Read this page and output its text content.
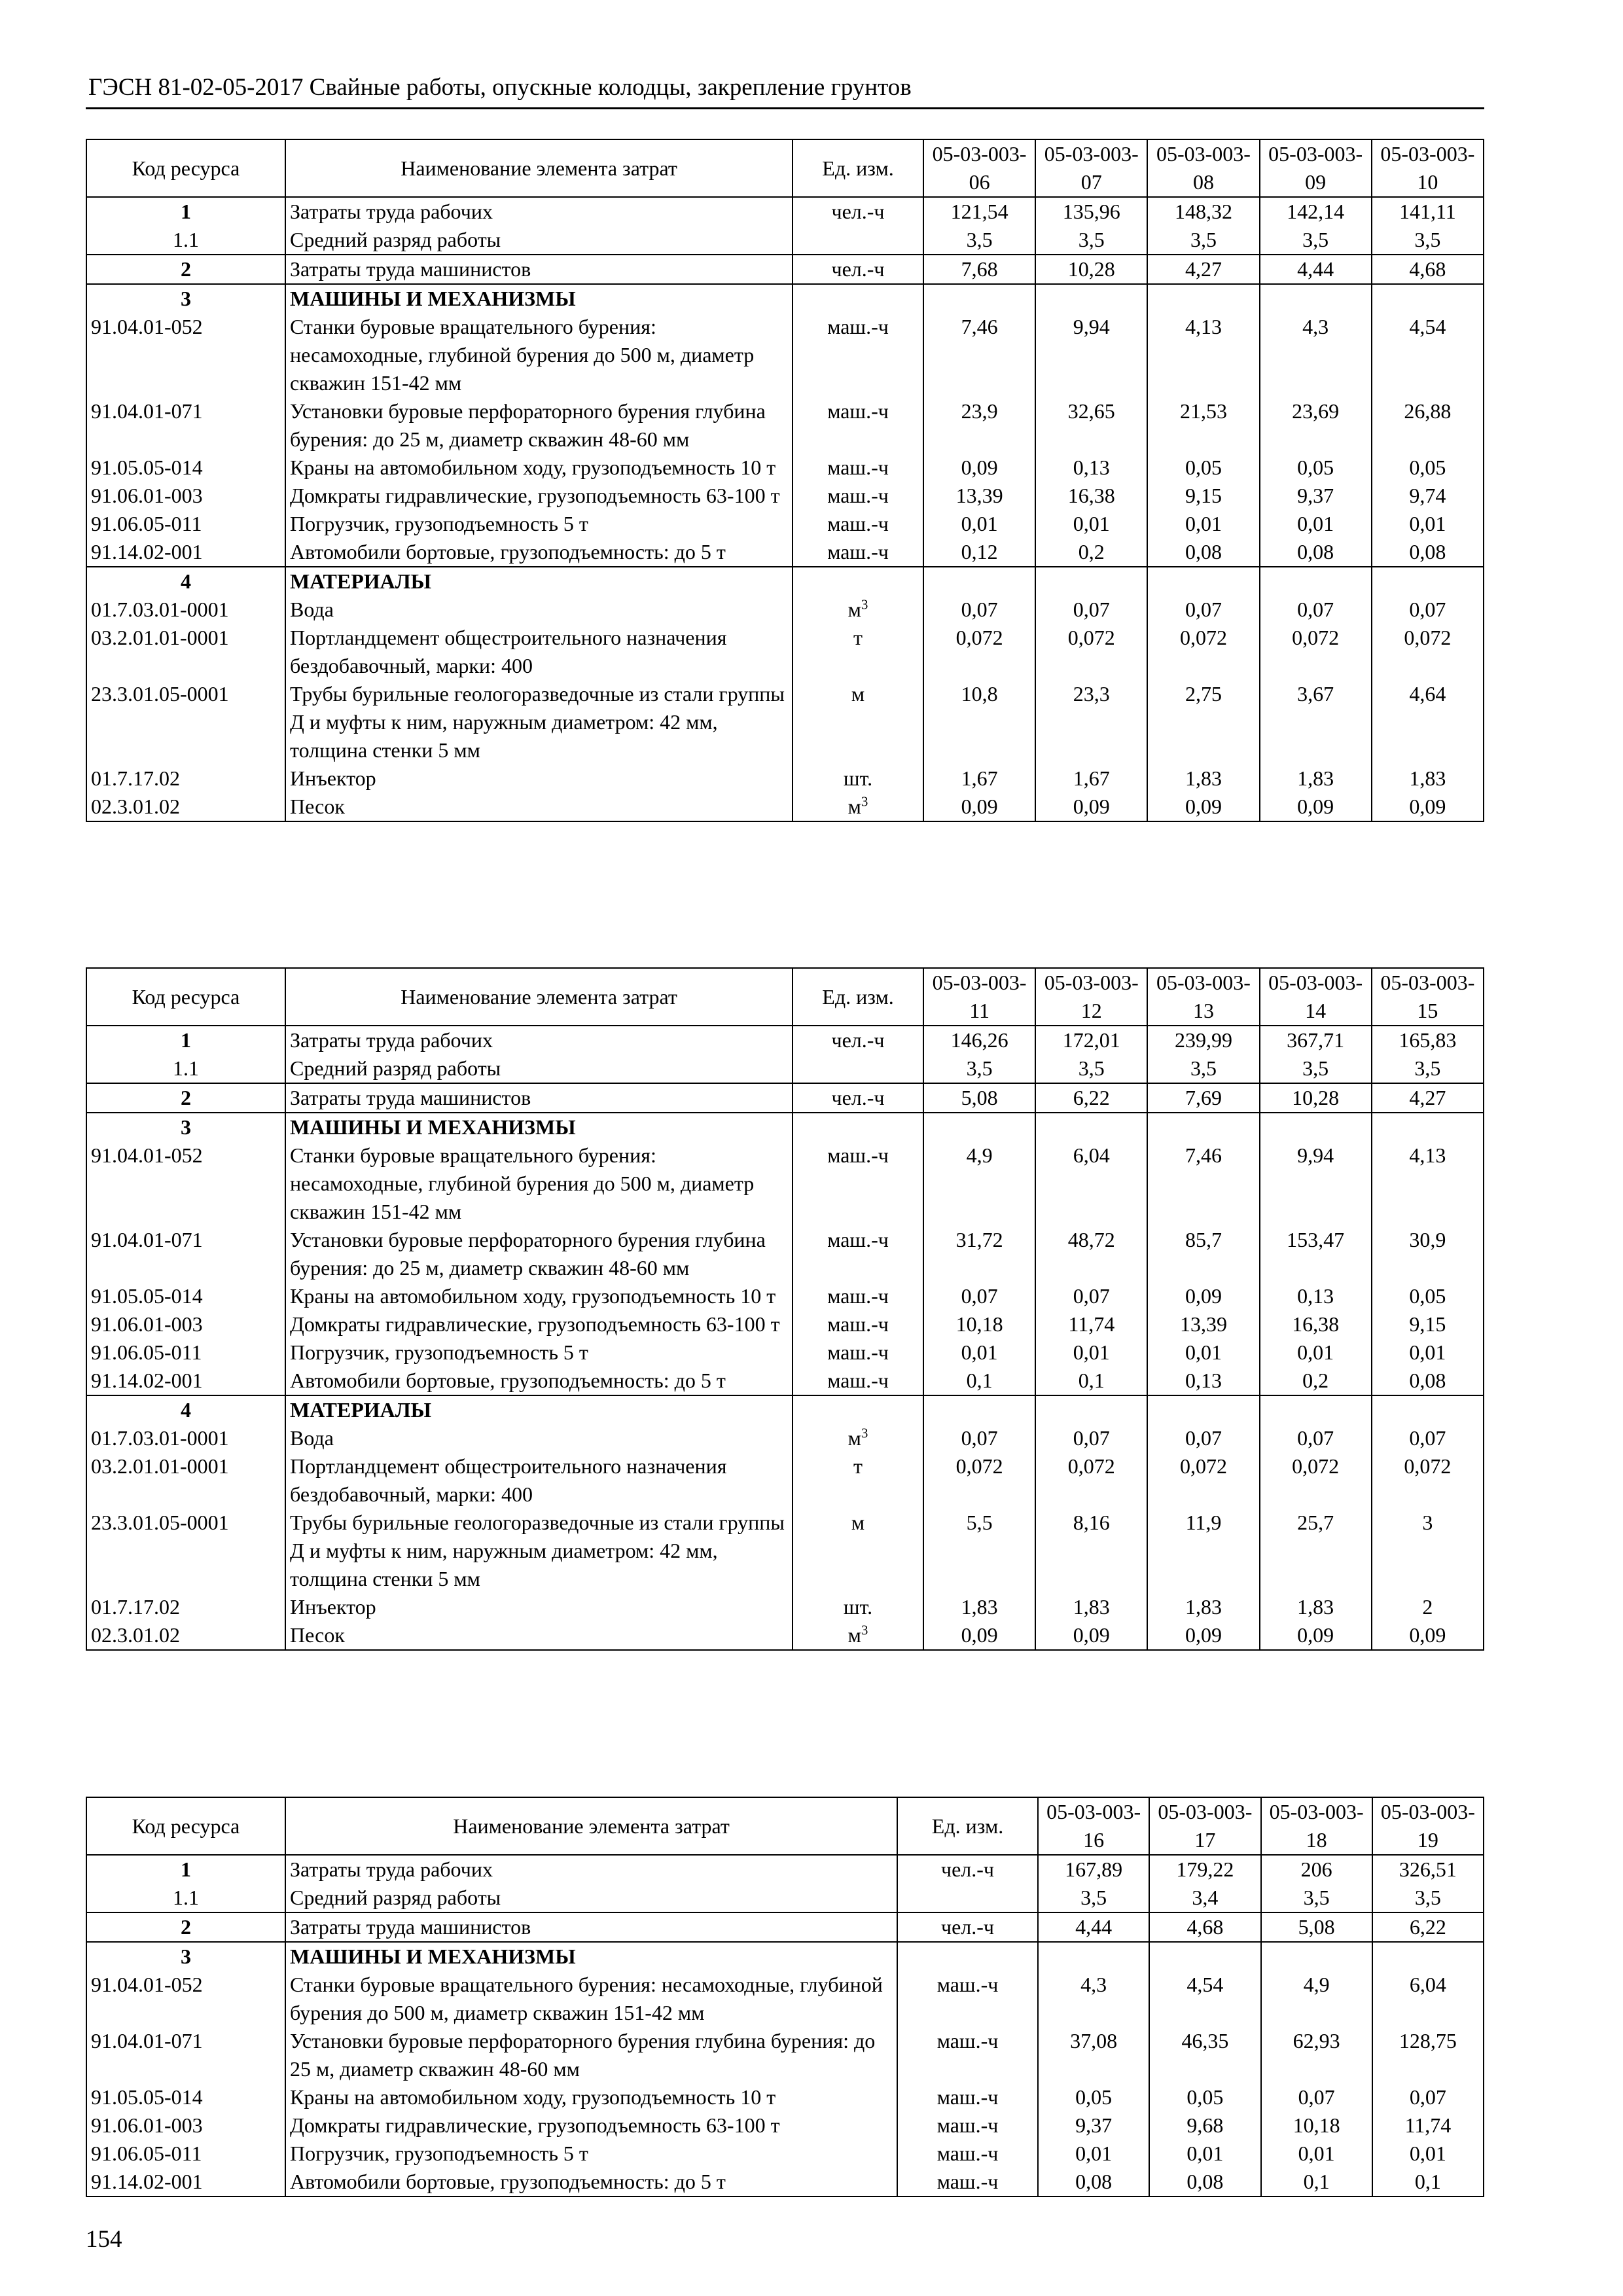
ГЭСН 81-02-05-2017 Свайные работы, опускные колодцы, закрепление грунтов
Код ресурса	Наименование элемента затрат	Ед. изм.	05-03-003-06	05-03-003-07	05-03-003-08	05-03-003-09	05-03-003-10
1	Затраты труда рабочих	чел.-ч	121,54	135,96	148,32	142,14	141,11
1.1	Средний разряд работы		3,5	3,5	3,5	3,5	3,5
2	Затраты труда машинистов	чел.-ч	7,68	10,28	4,27	4,44	4,68
3	МАШИНЫ И МЕХАНИЗМЫ						
91.04.01-052	Станки буровые вращательного бурения: несамоходные, глубиной бурения до 500 м, диаметр скважин 151-42 мм	маш.-ч	7,46	9,94	4,13	4,3	4,54
91.04.01-071	Установки буровые перфораторного бурения глубина бурения: до 25 м, диаметр скважин 48-60 мм	маш.-ч	23,9	32,65	21,53	23,69	26,88
91.05.05-014	Краны на автомобильном ходу, грузоподъемность 10 т	маш.-ч	0,09	0,13	0,05	0,05	0,05
91.06.01-003	Домкраты гидравлические, грузоподъемность 63-100 т	маш.-ч	13,39	16,38	9,15	9,37	9,74
91.06.05-011	Погрузчик, грузоподъемность 5 т	маш.-ч	0,01	0,01	0,01	0,01	0,01
91.14.02-001	Автомобили бортовые, грузоподъемность: до 5 т	маш.-ч	0,12	0,2	0,08	0,08	0,08
4	МАТЕРИАЛЫ						
01.7.03.01-0001	Вода	$м^3$	0,07	0,07	0,07	0,07	0,07
03.2.01.01-0001	Портландцемент общестроительного назначения бездобавочный, марки: 400	т	0,072	0,072	0,072	0,072	0,072
23.3.01.05-0001	Трубы бурильные геологоразведочные из стали группы Д и муфты к ним, наружным диаметром: 42 мм, толщина стенки 5 мм	м	10,8	23,3	2,75	3,67	4,64
01.7.17.02	Инъектор	шт.	1,67	1,67	1,83	1,83	1,83
02.3.01.02	Песок	$м^3$	0,09	0,09	0,09	0,09	0,09
Код ресурса	Наименование элемента затрат	Ед. изм.	05-03-003-11	05-03-003-12	05-03-003-13	05-03-003-14	05-03-003-15
1	Затраты труда рабочих	чел.-ч	146,26	172,01	239,99	367,71	165,83
1.1	Средний разряд работы		3,5	3,5	3,5	3,5	3,5
2	Затраты труда машинистов	чел.-ч	5,08	6,22	7,69	10,28	4,27
3	МАШИНЫ И МЕХАНИЗМЫ						
91.04.01-052	Станки буровые вращательного бурения: несамоходные, глубиной бурения до 500 м, диаметр скважин 151-42 мм	маш.-ч	4,9	6,04	7,46	9,94	4,13
91.04.01-071	Установки буровые перфораторного бурения глубина бурения: до 25 м, диаметр скважин 48-60 мм	маш.-ч	31,72	48,72	85,7	153,47	30,9
91.05.05-014	Краны на автомобильном ходу, грузоподъемность 10 т	маш.-ч	0,07	0,07	0,09	0,13	0,05
91.06.01-003	Домкраты гидравлические, грузоподъемность 63-100 т	маш.-ч	10,18	11,74	13,39	16,38	9,15
91.06.05-011	Погрузчик, грузоподъемность 5 т	маш.-ч	0,01	0,01	0,01	0,01	0,01
91.14.02-001	Автомобили бортовые, грузоподъемность: до 5 т	маш.-ч	0,1	0,1	0,13	0,2	0,08
4	МАТЕРИАЛЫ						
01.7.03.01-0001	Вода	$м^3$	0,07	0,07	0,07	0,07	0,07
03.2.01.01-0001	Портландцемент общестроительного назначения бездобавочный, марки: 400	т	0,072	0,072	0,072	0,072	0,072
23.3.01.05-0001	Трубы бурильные геологоразведочные из стали группы Д и муфты к ним, наружным диаметром: 42 мм, толщина стенки 5 мм	м	5,5	8,16	11,9	25,7	3
01.7.17.02	Инъектор	шт.	1,83	1,83	1,83	1,83	2
02.3.01.02	Песок	$м^3$	0,09	0,09	0,09	0,09	0,09
Код ресурса	Наименование элемента затрат	Ед. изм.	05-03-003-16	05-03-003-17	05-03-003-18	05-03-003-19
1	Затраты труда рабочих	чел.-ч	167,89	179,22	206	326,51
1.1	Средний разряд работы		3,5	3,4	3,5	3,5
2	Затраты труда машинистов	чел.-ч	4,44	4,68	5,08	6,22
3	МАШИНЫ И МЕХАНИЗМЫ					
91.04.01-052	Станки буровые вращательного бурения: несамоходные, глубиной бурения до 500 м, диаметр скважин 151-42 мм	маш.-ч	4,3	4,54	4,9	6,04
91.04.01-071	Установки буровые перфораторного бурения глубина бурения: до 25 м, диаметр скважин 48-60 мм	маш.-ч	37,08	46,35	62,93	128,75
91.05.05-014	Краны на автомобильном ходу, грузоподъемность 10 т	маш.-ч	0,05	0,05	0,07	0,07
91.06.01-003	Домкраты гидравлические, грузоподъемность 63-100 т	маш.-ч	9,37	9,68	10,18	11,74
91.06.05-011	Погрузчик, грузоподъемность 5 т	маш.-ч	0,01	0,01	0,01	0,01
91.14.02-001	Автомобили бортовые, грузоподъемность: до 5 т	маш.-ч	0,08	0,08	0,1	0,1
154
